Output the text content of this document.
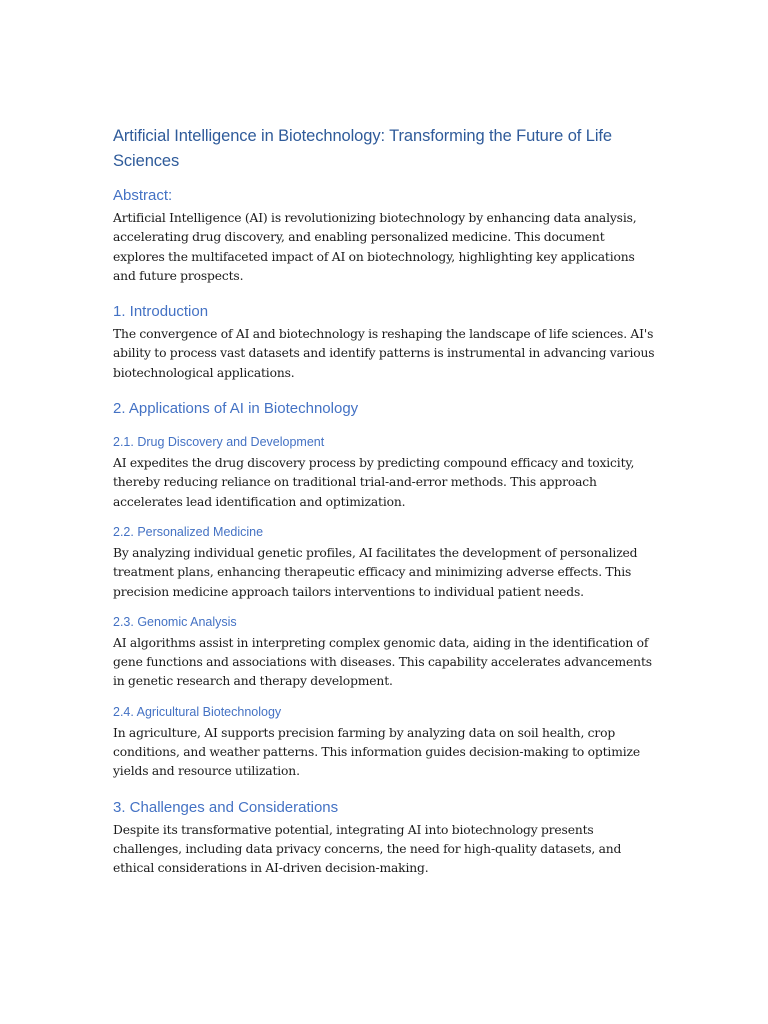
Artificial Intelligence in Biotechnology: Transforming the Future of Life Sciences
Abstract:

Artificial Intelligence (AI) is revolutionizing biotechnology by enhancing data analysis, accelerating drug discovery, and enabling personalized medicine. This document explores the multifaceted impact of AI on biotechnology, highlighting key applications and future prospects.

1. Introduction

The convergence of AI and biotechnology is reshaping the landscape of life sciences. AI's ability to process vast datasets and identify patterns is instrumental in advancing various biotechnological applications.

2. Applications of AI in Biotechnology
2.1. Drug Discovery and Development

AI expedites the drug discovery process by predicting compound efficacy and toxicity, thereby reducing reliance on traditional trial-and-error methods. This approach accelerates lead identification and optimization.

2.2. Personalized Medicine

By analyzing individual genetic profiles, AI facilitates the development of personalized treatment plans, enhancing therapeutic efficacy and minimizing adverse effects. This precision medicine approach tailors interventions to individual patient needs.

2.3. Genomic Analysis

AI algorithms assist in interpreting complex genomic data, aiding in the identification of gene functions and associations with diseases. This capability accelerates advancements in genetic research and therapy development.

2.4. Agricultural Biotechnology

In agriculture, AI supports precision farming by analyzing data on soil health, crop conditions, and weather patterns. This information guides decision-making to optimize yields and resource utilization.

3. Challenges and Considerations

Despite its transformative potential, integrating AI into biotechnology presents challenges, including data privacy concerns, the need for high-quality datasets, and ethical considerations in AI-driven decision-making.
